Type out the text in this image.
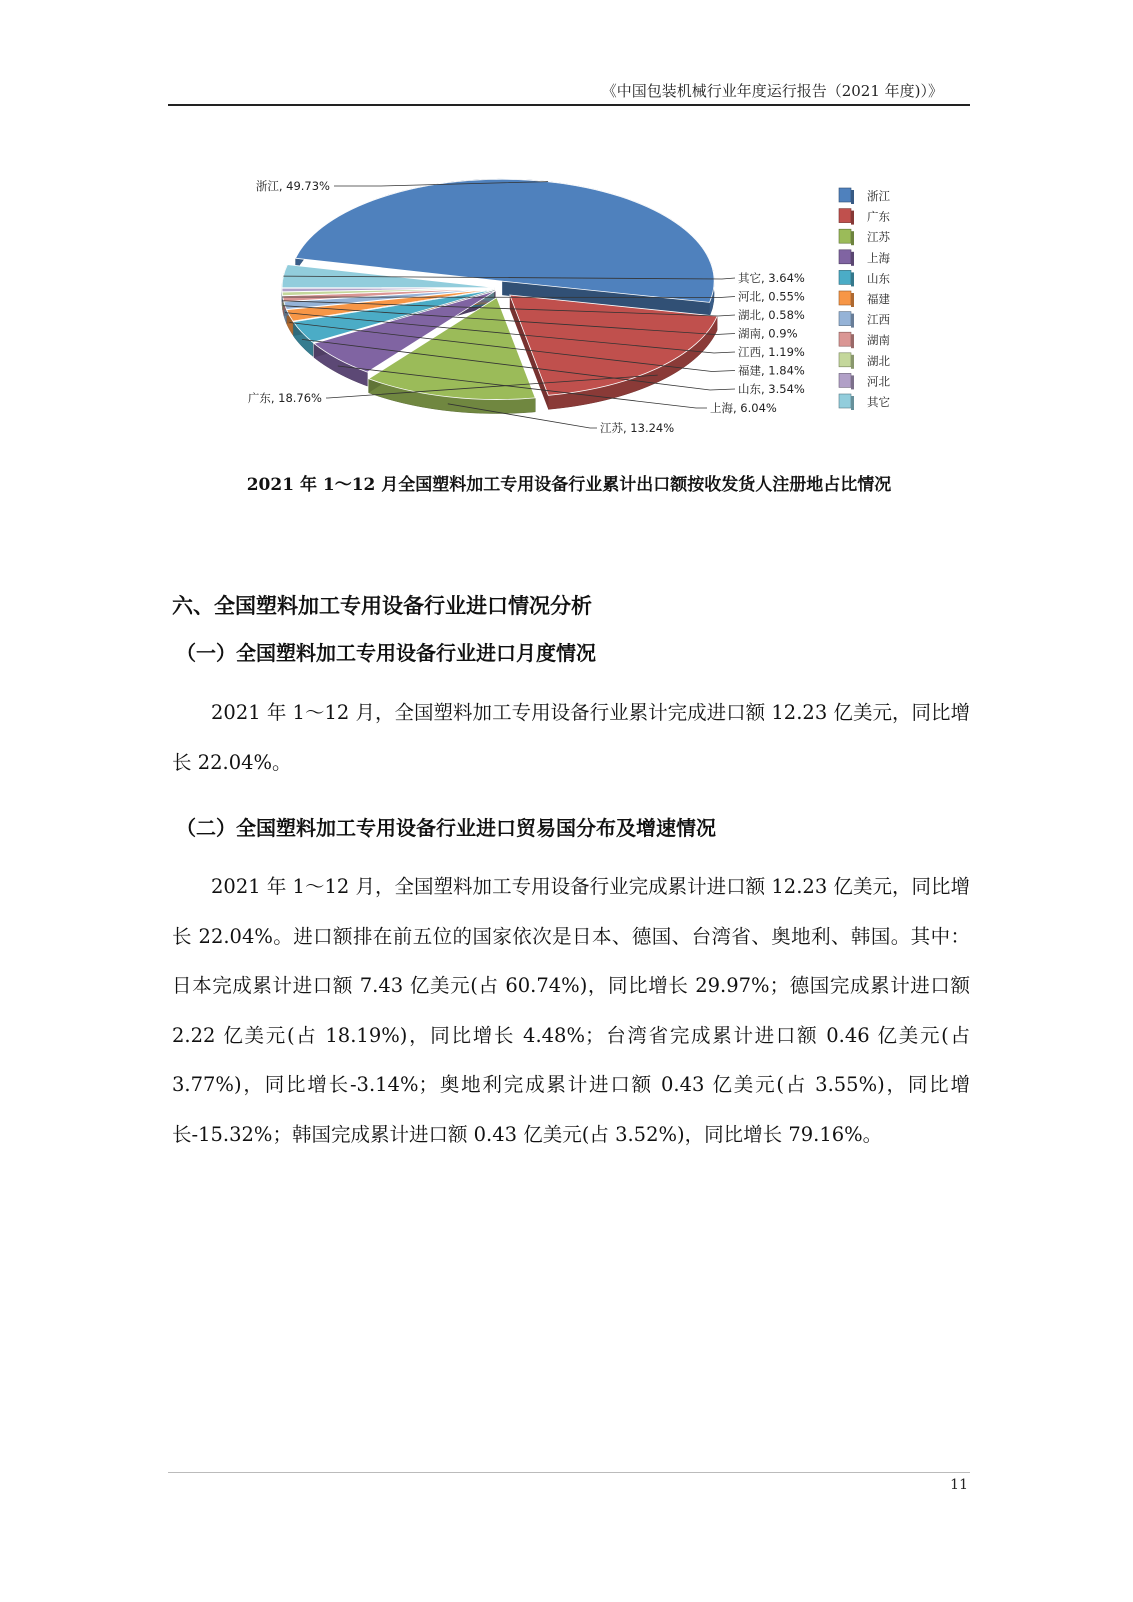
《中国包装机械行业年度运行报告（2021 年度)）》
浙江, 49.73%
广东, 18.76%
江苏, 13.24%
上海, 6.04%
山东, 3.54%
福建, 1.84%
江西, 1.19%
湖南, 0.9%
湖北, 0.58%
河北, 0.55%
其它, 3.64%
浙江
广东
江苏
上海
山东
福建
江西
湖南
湖北
河北
其它
2021 年 1～12 月全国塑料加工专用设备行业累计出口额按收发货人注册地占比情况
六、全国塑料加工专用设备行业进口情况分析
（一）全国塑料加工专用设备行业进口月度情况
2021 年 1～12 月，全国塑料加工专用设备行业累计完成进口额 12.23 亿美元，同比增长 22.04%。
（二）全国塑料加工专用设备行业进口贸易国分布及增速情况
2021 年 1～12 月，全国塑料加工专用设备行业完成累计进口额 12.23 亿美元，同比增长 22.04%。进口额排在前五位的国家依次是日本、德国、台湾省、奥地利、韩国。其中：日本完成累计进口额 7.43 亿美元(占 60.74%)，同比增长 29.97%；德国完成累计进口额 2.22 亿美元(占 18.19%)，同比增长 4.48%；台湾省完成累计进口额 0.46 亿美元(占 3.77%)，同比增长-3.14%；奥地利完成累计进口额 0.43 亿美元(占 3.55%)，同比增长-15.32%；韩国完成累计进口额 0.43 亿美元(占 3.52%)，同比增长 79.16%。
11
